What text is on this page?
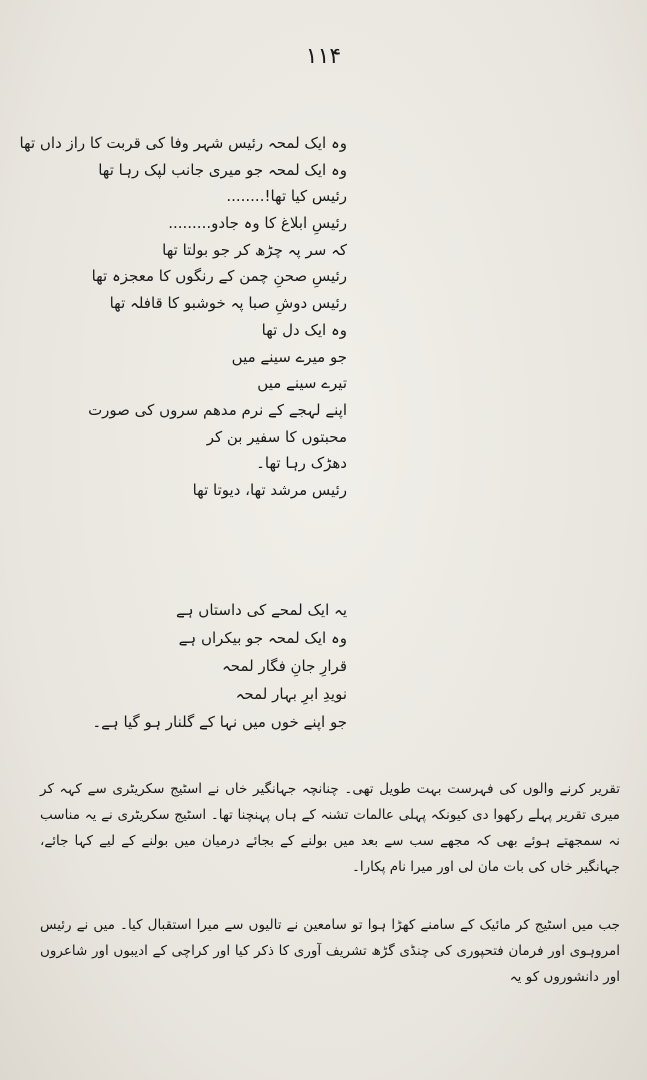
۱۱۴
وہ ایک لمحہ رئیس شہر وفا کی قربت کا راز داں تھا
وہ ایک لمحہ جو میری جانب لپک رہا تھا
رئیس کیا تھا!........
رئیسِ ابلاغ کا وہ جادو.........
کہ سر پہ چڑھ کر جو بولتا تھا
رئیسِ صحنِ چمن کے رنگوں کا معجزہ تھا
رئیس دوشِ صبا پہ خوشبو کا قافلہ تھا
وہ ایک دل تھا
جو میرے سینے میں
تیرے سینے میں
اپنے لہجے کے نرم مدھم سروں کی صورت
محبتوں کا سفیر بن کر
دھڑک رہا تھا۔
رئیس مرشد تھا، دیوتا تھا
یہ ایک لمحے کی داستاں ہے
وہ ایک لمحہ جو بیکراں ہے
قرارِ جانِ فگار لمحہ
نویدِ ابرِ بہار لمحہ
جو اپنے خوں میں نہا کے گلنار ہو گیا ہے۔

تقریر کرنے والوں کی فہرست بہت طویل تھی۔ چنانچہ جہانگیر خاں نے اسٹیج سکریٹری سے کہہ کر میری تقریر پہلے رکھوا دی کیونکہ پہلی عالمات تشنہ کے ہاں پہنچنا تھا۔ اسٹیج سکریٹری نے یہ مناسب نہ سمجھتے ہوئے بھی کہ مجھے سب سے بعد میں بولنے کے بجائے درمیان میں بولنے کے لیے کہا جائے، جہانگیر خاں کی بات مان لی اور میرا نام پکارا۔

جب میں اسٹیج کر مائیک کے سامنے کھڑا ہوا تو سامعین نے تالیوں سے میرا استقبال کیا۔ میں نے رئیس امروہوی اور فرمان فتحپوری کی چنڈی گڑھ تشریف آوری کا ذکر کیا اور کراچی کے ادیبوں اور شاعروں اور دانشوروں کو یہ
